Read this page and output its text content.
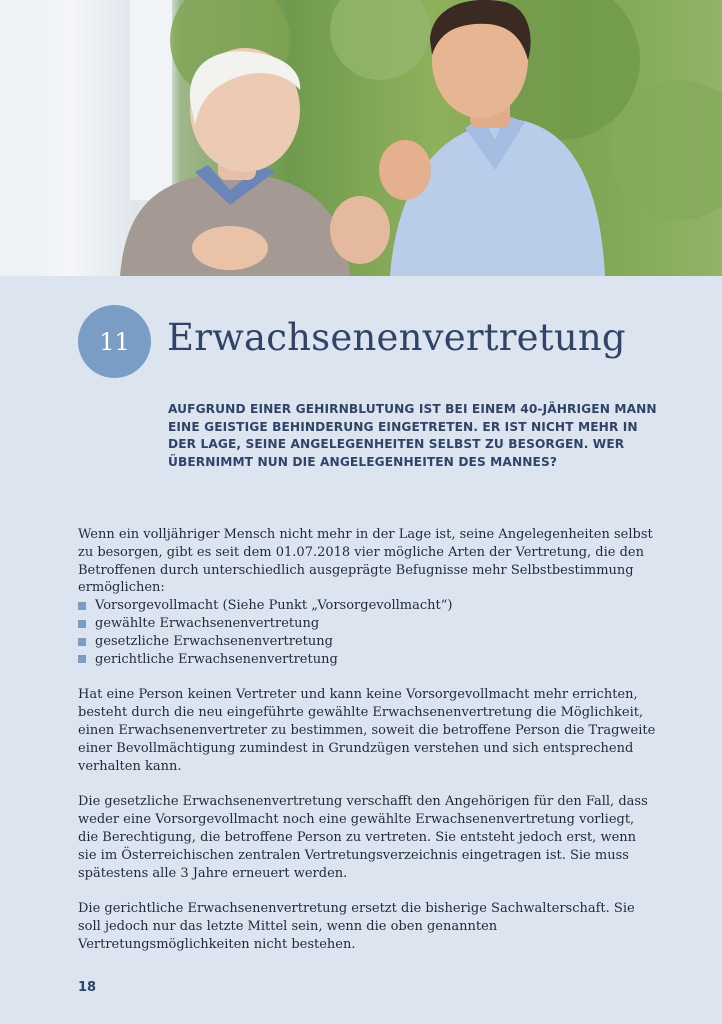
11 Erwachsenenvertretung

AUFGRUND EINER GEHIRNBLUTUNG IST BEI EINEM 40-JÄHRIGEN MANN EINE GEISTIGE BEHINDERUNG EINGETRETEN. ER IST NICHT MEHR IN DER LAGE, SEINE ANGELEGENHEITEN SELBST ZU BESORGEN. WER ÜBERNIMMT NUN DIE ANGELEGENHEITEN DES MANNES?

Wenn ein volljähriger Mensch nicht mehr in der Lage ist, seine Angelegenheiten selbst zu besorgen, gibt es seit dem 01.07.2018 vier mögliche Arten der Vertretung, die den Betroffenen durch unterschiedlich ausgeprägte Befugnisse mehr Selbstbestimmung ermöglichen:

Vorsorgevollmacht (Siehe Punkt „Vorsorgevollmacht“)
gewählte Erwachsenenvertretung
gesetzliche Erwachsenenvertretung
gerichtliche Erwachsenenvertretung

Hat eine Person keinen Vertreter und kann keine Vorsorgevollmacht mehr errichten, besteht durch die neu eingeführte gewählte Erwachsenenvertretung die Möglichkeit, einen Erwachsenenvertreter zu bestimmen, soweit die betroffene Person die Tragweite einer Bevollmächtigung zumindest in Grundzügen verstehen und sich entsprechend verhalten kann.

Die gesetzliche Erwachsenenvertretung verschafft den Angehörigen für den Fall, dass weder eine Vorsorgevollmacht noch eine gewählte Erwachsenenvertretung vorliegt, die Berechtigung, die betroffene Person zu vertreten. Sie entsteht jedoch erst, wenn sie im Österreichischen zentralen Vertretungsverzeichnis eingetragen ist. Sie muss spätestens alle 3 Jahre erneuert werden.

Die gerichtliche Erwachsenenvertretung ersetzt die bisherige Sachwalterschaft. Sie soll jedoch nur das letzte Mittel sein, wenn die oben genannten Vertretungsmöglichkeiten nicht bestehen.

18
